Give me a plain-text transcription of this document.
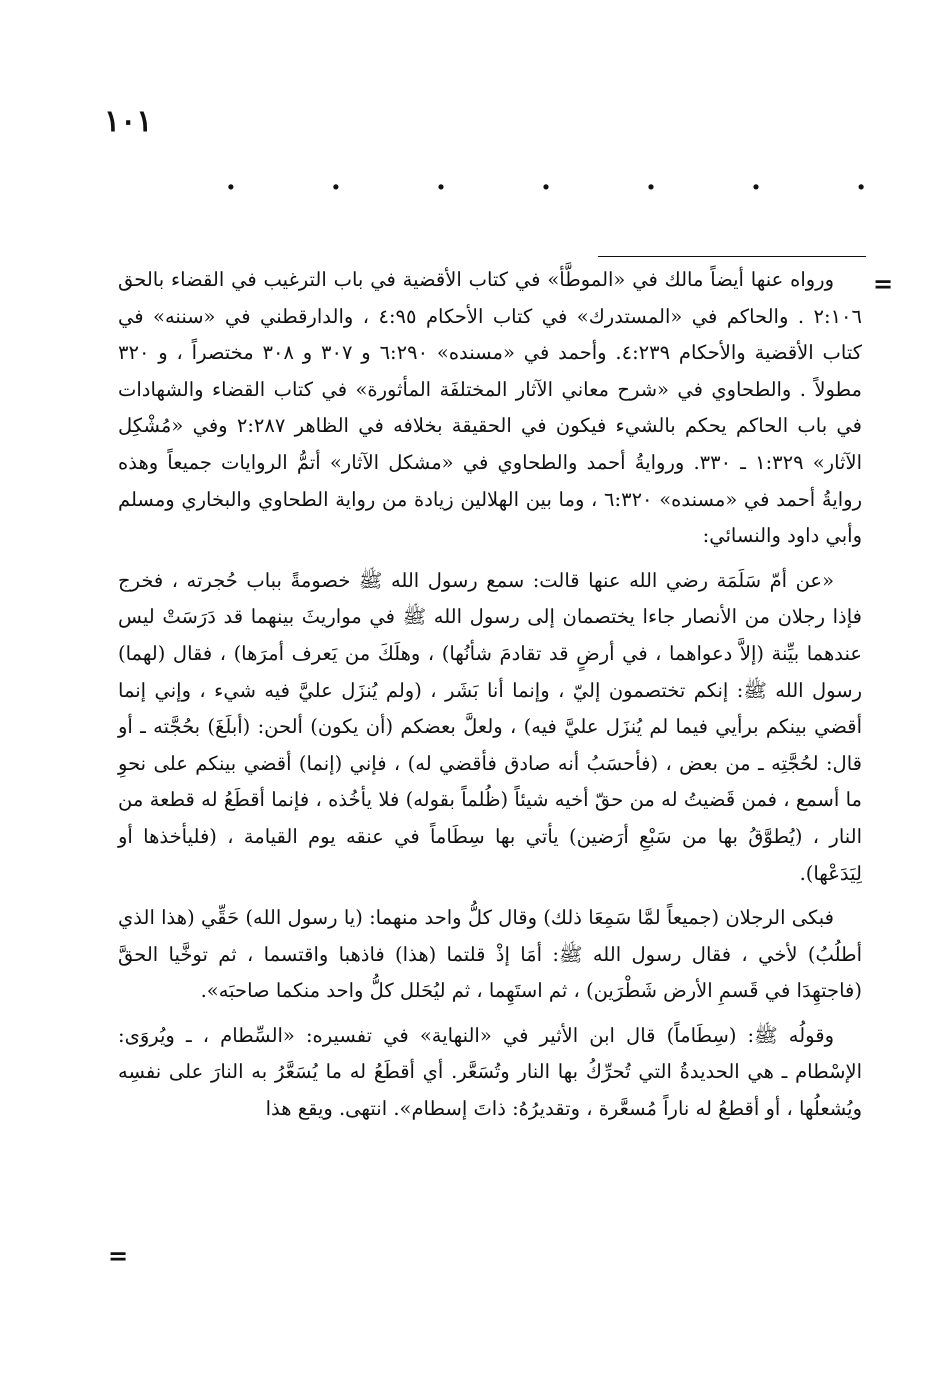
١٠١
.	.	.	.	.	.	.
=

ورواه عنها أيضاً مالك في «الموطَّأ» في كتاب الأقضية في باب الترغيب في القضاء بالحق ٢:١٠٦ . والحاكم في «المستدرك» في كتاب الأحكام ٤:٩٥ ، والدارقطني في «سننه» في كتاب الأقضية والأحكام ٤:٢٣٩. وأحمد في «مسنده» ٦:٢٩٠ و ٣٠٧ و ٣٠٨ مختصراً ، و ٣٢٠ مطولاً . والطحاوي في «شرح معاني الآثار المختلفَة المأثورة» في كتاب القضاء والشهادات في باب الحاكم يحكم بالشيء فيكون في الحقيقة بخلافه في الظاهر ٢:٢٨٧ وفي «مُشْكِل الآثار» ١:٣٢٩ ـ ٣٣٠. وروايةُ أحمد والطحاوي في «مشكل الآثار» أتمُّ الروايات جميعاً وهذه روايةُ أحمد في «مسنده» ٦:٣٢٠ ، وما بين الهلالين زيادة من رواية الطحاوي والبخاري ومسلم وأبي داود والنسائي:

«عن أمّ سَلَمَة رضي الله عنها قالت: سمع رسول الله ﷺ خصومةً بباب حُجرته ، فخرج فإذا رجلان من الأنصار جاءا يختصمان إلى رسول الله ﷺ في مواريثَ بينهما قد دَرَسَتْ ليس عندهما بيِّنة (إلاَّ دعواهما ، في أرضٍ قد تقادمَ شأنُها) ، وهلَكَ من يَعرف أمرَها) ، فقال (لهما) رسول الله ﷺ: إنكم تختصمون إليّ ، وإنما أنا بَشَر ، (ولم يُنزَل عليَّ فيه شيء ، وإني إنما أقضي بينكم برأيي فيما لم يُنزَل عليَّ فيه) ، ولعلَّ بعضكم (أن يكون) ألحن: (أبلَغَ) بحُجَّته ـ أو قال: لحُجَّتِه ـ من بعض ، (فأحسَبُ أنه صادق فأقضي له) ، فإني (إنما) أقضي بينكم على نحوِ ما أسمع ، فمن قَضيتُ له من حقّ أخيه شيئاً (ظُلماً بقوله) فلا يأخُذه ، فإنما أقطَعُ له قطعة من النار ، (يُطوَّقُ بها من سَبْعِ أرَضين) يأتي بها سِطَاماً في عنقه يوم القيامة ، (فليأخذها أو لِيَدَعْها).

فبكى الرجلان (جميعاً لمَّا سَمِعَا ذلك) وقال كلُّ واحد منهما: (يا رسول الله) حَقِّي (هذا الذي أطلُبُ) لأخي ، فقال رسول الله ﷺ: أمَا إذْ قلتما (هذا) فاذهبا واقتسما ، ثم توخَّيا الحقَّ (فاجتهِدَا في قَسمِ الأرض شَطْرَين) ، ثم استَهِما ، ثم ليُحَلل كلُّ واحد منكما صاحبَه».

وقولُه ﷺ: (سِطَاماً) قال ابن الأثير في «النهاية» في تفسيره: «السِّطام ، ـ ويُروَى: الإسْطام ـ هي الحديدةُ التي تُحرِّكُ بها النار وتُسَعَّر. أي أقطَعُ له ما يُسَعَّرُ به النارَ على نفسِه ويُشعلُها ، أو أقطعُ له ناراً مُسعَّرة ، وتقديرُهُ: ذاتَ إسطام». انتهى. ويقع هذا

=
